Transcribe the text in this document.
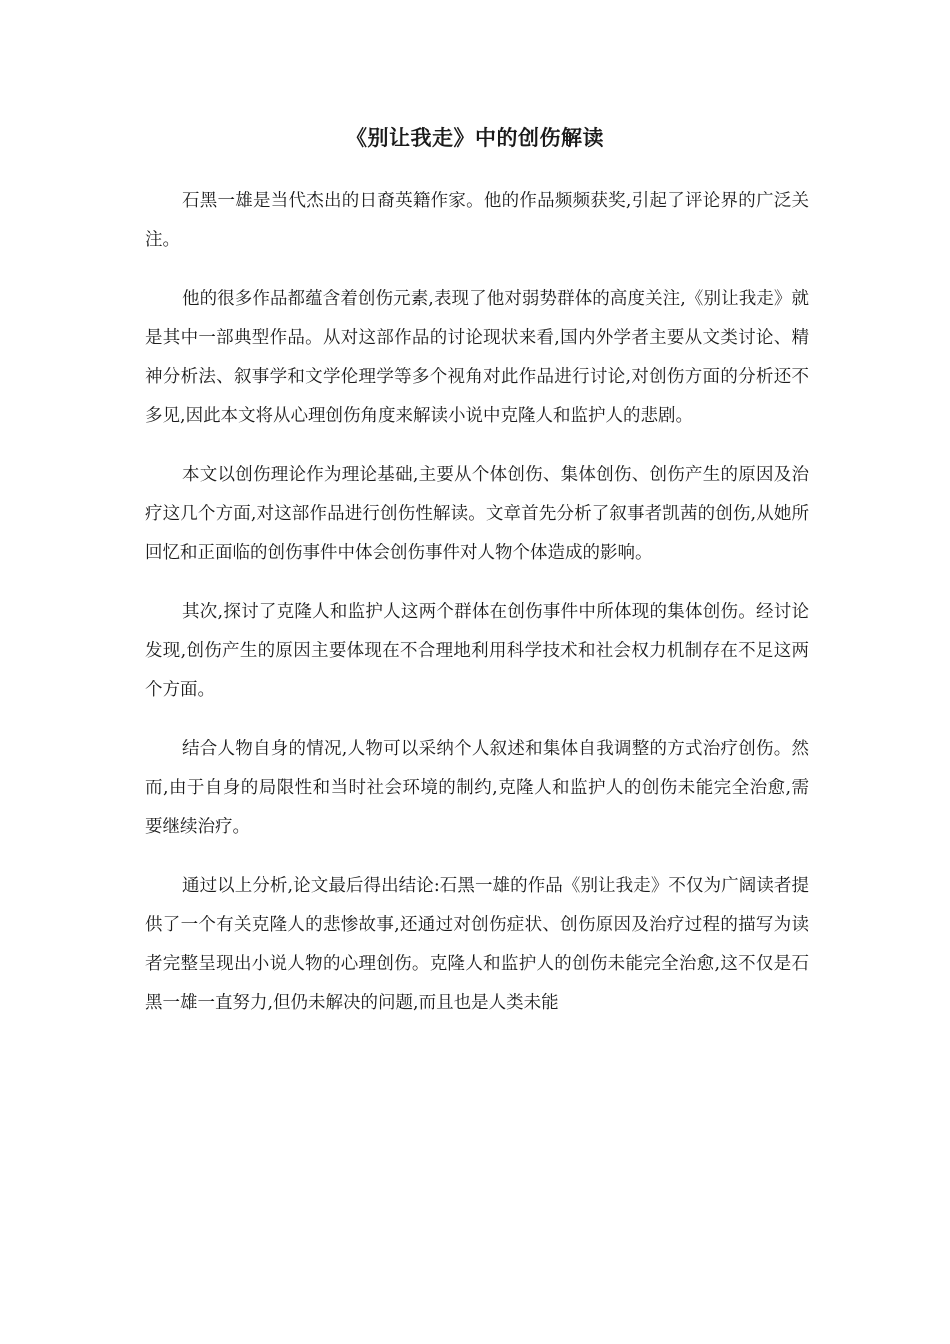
《别让我走》中的创伤解读

石黑一雄是当代杰出的日裔英籍作家。他的作品频频获奖,引起了评论界的广泛关注。

他的很多作品都蕴含着创伤元素,表现了他对弱势群体的高度关注,《别让我走》就是其中一部典型作品。从对这部作品的讨论现状来看,国内外学者主要从文类讨论、精神分析法、叙事学和文学伦理学等多个视角对此作品进行讨论,对创伤方面的分析还不多见,因此本文将从心理创伤角度来解读小说中克隆人和监护人的悲剧。

本文以创伤理论作为理论基础,主要从个体创伤、集体创伤、创伤产生的原因及治疗这几个方面,对这部作品进行创伤性解读。文章首先分析了叙事者凯茜的创伤,从她所回忆和正面临的创伤事件中体会创伤事件对人物个体造成的影响。

其次,探讨了克隆人和监护人这两个群体在创伤事件中所体现的集体创伤。经讨论发现,创伤产生的原因主要体现在不合理地利用科学技术和社会权力机制存在不足这两个方面。

结合人物自身的情况,人物可以采纳个人叙述和集体自我调整的方式治疗创伤。然而,由于自身的局限性和当时社会环境的制约,克隆人和监护人的创伤未能完全治愈,需要继续治疗。

通过以上分析,论文最后得出结论:石黑一雄的作品《别让我走》不仅为广阔读者提供了一个有关克隆人的悲惨故事,还通过对创伤症状、创伤原因及治疗过程的描写为读者完整呈现出小说人物的心理创伤。克隆人和监护人的创伤未能完全治愈,这不仅是石黑一雄一直努力,但仍未解决的问题,而且也是人类未能
